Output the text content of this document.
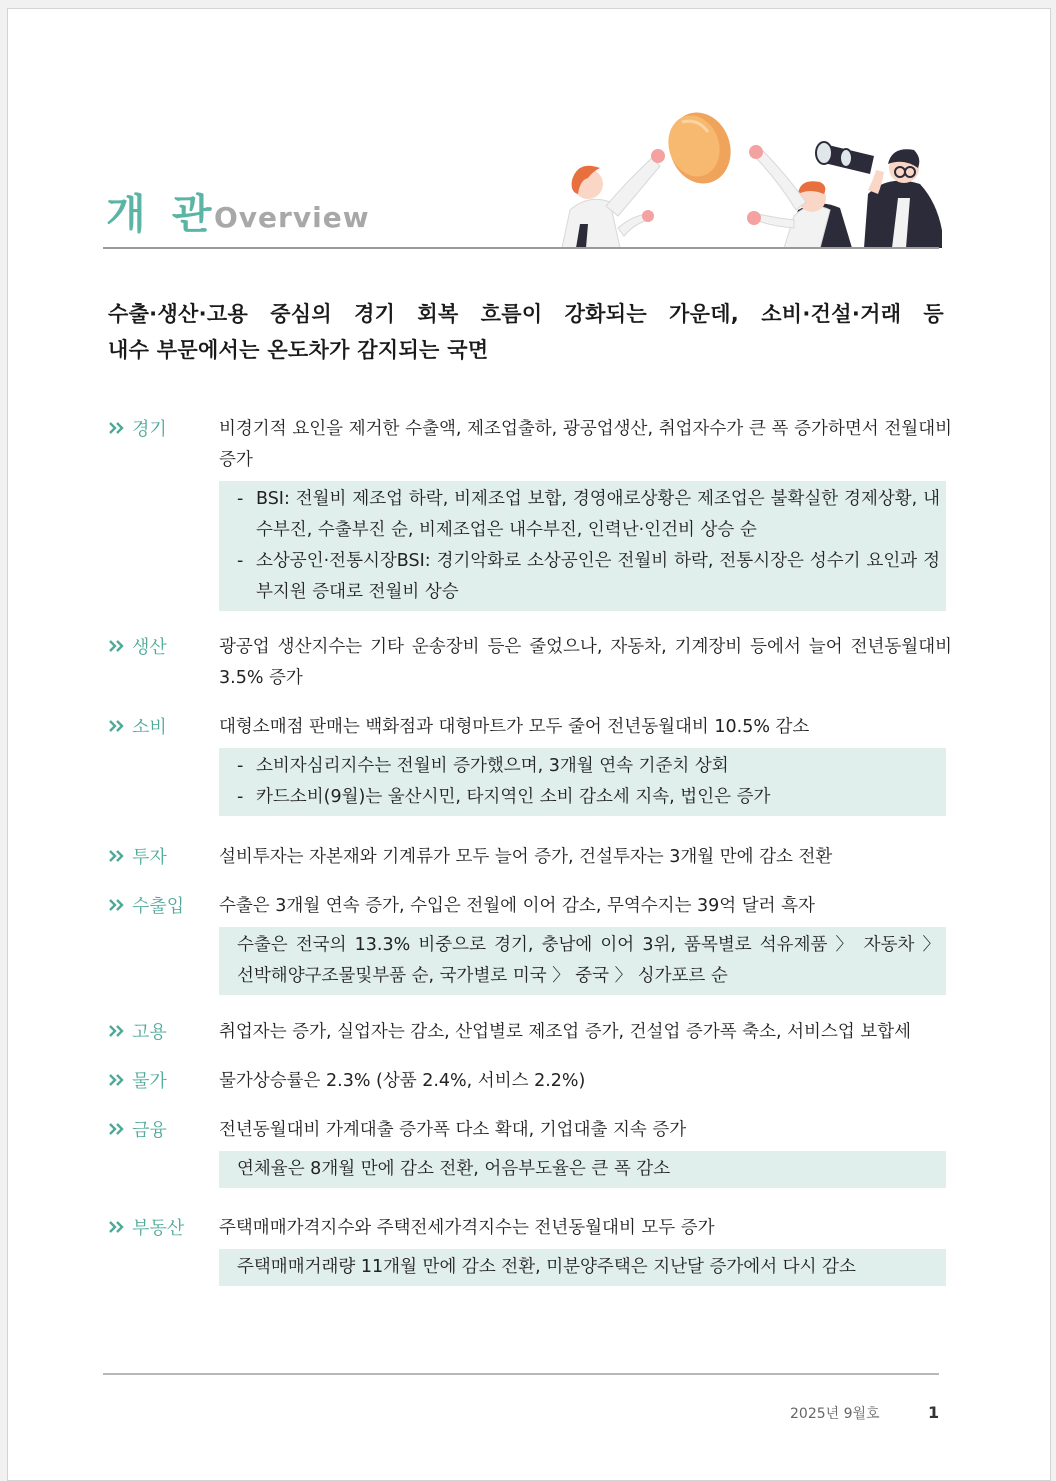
개 관
Overview
수출·생산·고용 중심의 경기 회복 흐름이 강화되는 가운데, 소비·건설·거래 등
내수 부문에서는 온도차가 감지되는 국면
경기	비경기적 요인을 제거한 수출액, 제조업출하, 광공업생산, 취업자수가 큰 폭 증가하면서 전월대비 증가
- BSI: 전월비 제조업 하락, 비제조업 보합, 경영애로상황은 제조업은 불확실한 경제상황, 내수부진, 수출부진 순, 비제조업은 내수부진, 인력난·인건비 상승 순
- 소상공인·전통시장BSI: 경기악화로 소상공인은 전월비 하락, 전통시장은 성수기 요인과 정부지원 증대로 전월비 상승
생산	광공업 생산지수는 기타 운송장비 등은 줄었으나, 자동차, 기계장비 등에서 늘어 전년동월대비 3.5% 증가
소비	대형소매점 판매는 백화점과 대형마트가 모두 줄어 전년동월대비 10.5% 감소
- 소비자심리지수는 전월비 증가했으며, 3개월 연속 기준치 상회
- 카드소비(9월)는 울산시민, 타지역인 소비 감소세 지속, 법인은 증가
투자	설비투자는 자본재와 기계류가 모두 늘어 증가, 건설투자는 3개월 만에 감소 전환
수출입	수출은 3개월 연속 증가, 수입은 전월에 이어 감소, 무역수지는 39억 달러 흑자
수출은 전국의 13.3% 비중으로 경기, 충남에 이어 3위, 품목별로 석유제품 〉 자동차 〉
선박해양구조물및부품 순, 국가별로 미국 〉 중국 〉 싱가포르 순
고용	취업자는 증가, 실업자는 감소, 산업별로 제조업 증가, 건설업 증가폭 축소, 서비스업 보합세
물가	물가상승률은 2.3% (상품 2.4%, 서비스 2.2%)
금융	전년동월대비 가계대출 증가폭 다소 확대, 기업대출 지속 증가
연체율은 8개월 만에 감소 전환, 어음부도율은 큰 폭 감소
부동산	주택매매가격지수와 주택전세가격지수는 전년동월대비 모두 증가
주택매매거래량 11개월 만에 감소 전환, 미분양주택은 지난달 증가에서 다시 감소
2025년 9월호	1
